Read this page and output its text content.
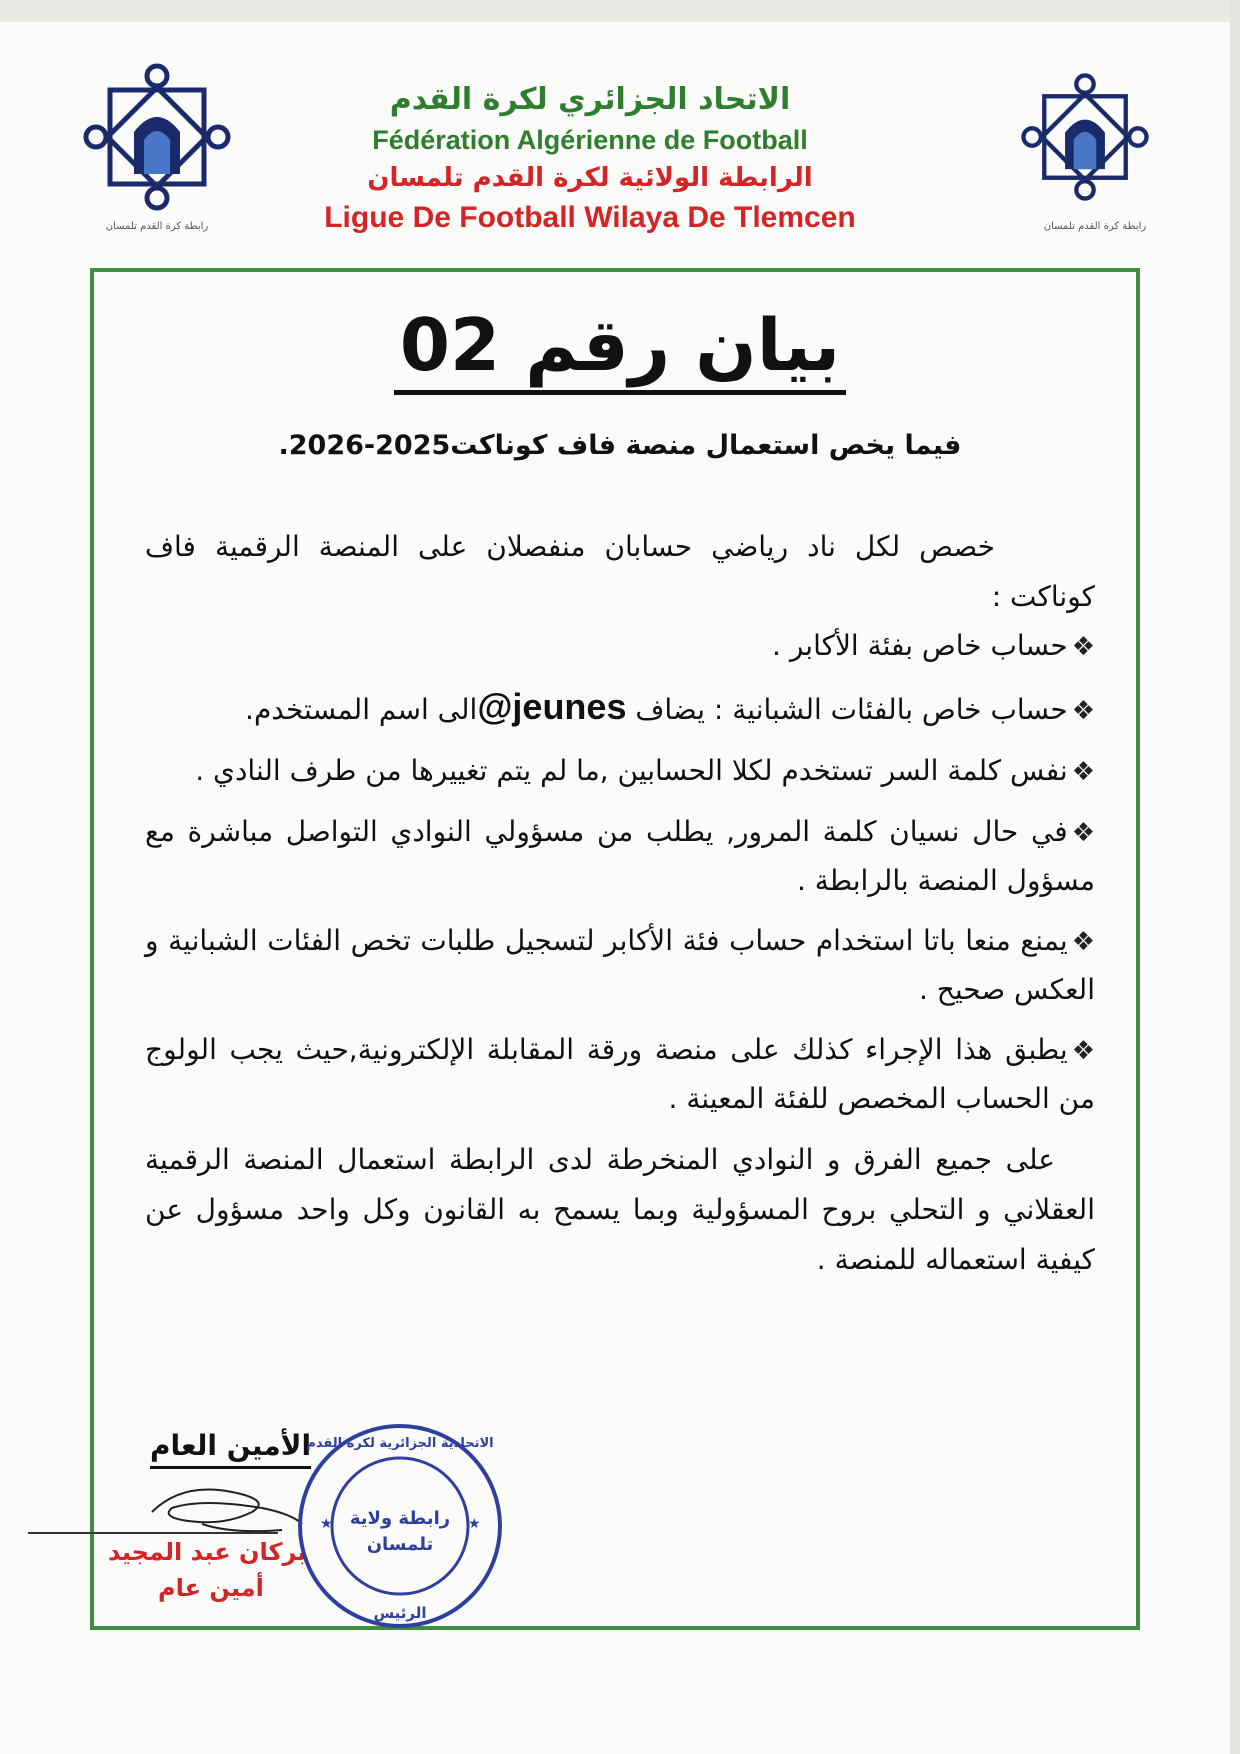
رابطة كرة القدم تلمسان	رابطة كرة القدم تلمسان
الاتحاد الجزائري لكرة القدم
Fédération Algérienne de Football
الرابطة الولائية لكرة القدم تلمسان
Ligue De Football Wilaya De Tlemcen
بيان رقم 02
فيما يخص استعمال منصة فاف كوناكت2025-2026.

خصص لكل ناد رياضي حسابان منفصلان على المنصة الرقمية فاف كوناكت :

❖حساب خاص بفئة الأكابر .
❖حساب خاص بالفئات الشبانية : يضاف @jeunesالى اسم المستخدم.
❖نفس كلمة السر تستخدم لكلا الحسابين ,ما لم يتم تغييرها من طرف النادي .
❖في حال نسيان كلمة المرور, يطلب من مسؤولي النوادي التواصل مباشرة مع مسؤول المنصة بالرابطة .
❖يمنع منعا باتا استخدام حساب فئة الأكابر لتسجيل طلبات تخص الفئات الشبانية و العكس صحيح .
❖يطبق هذا الإجراء كذلك على منصة ورقة المقابلة الإلكترونية,حيث يجب الولوج من الحساب المخصص للفئة المعينة .

على جميع الفرق و النوادي المنخرطة لدى الرابطة استعمال المنصة الرقمية العقلاني و التحلي بروح المسؤولية وبما يسمح به القانون وكل واحد مسؤول عن كيفية استعماله للمنصة .

الأمين العام
بركان عبد المجيد
أمين عام
★	★
الاتحادية الجزائرية لكرة القدم
رابطة ولاية
تلمسان
الرئيس
